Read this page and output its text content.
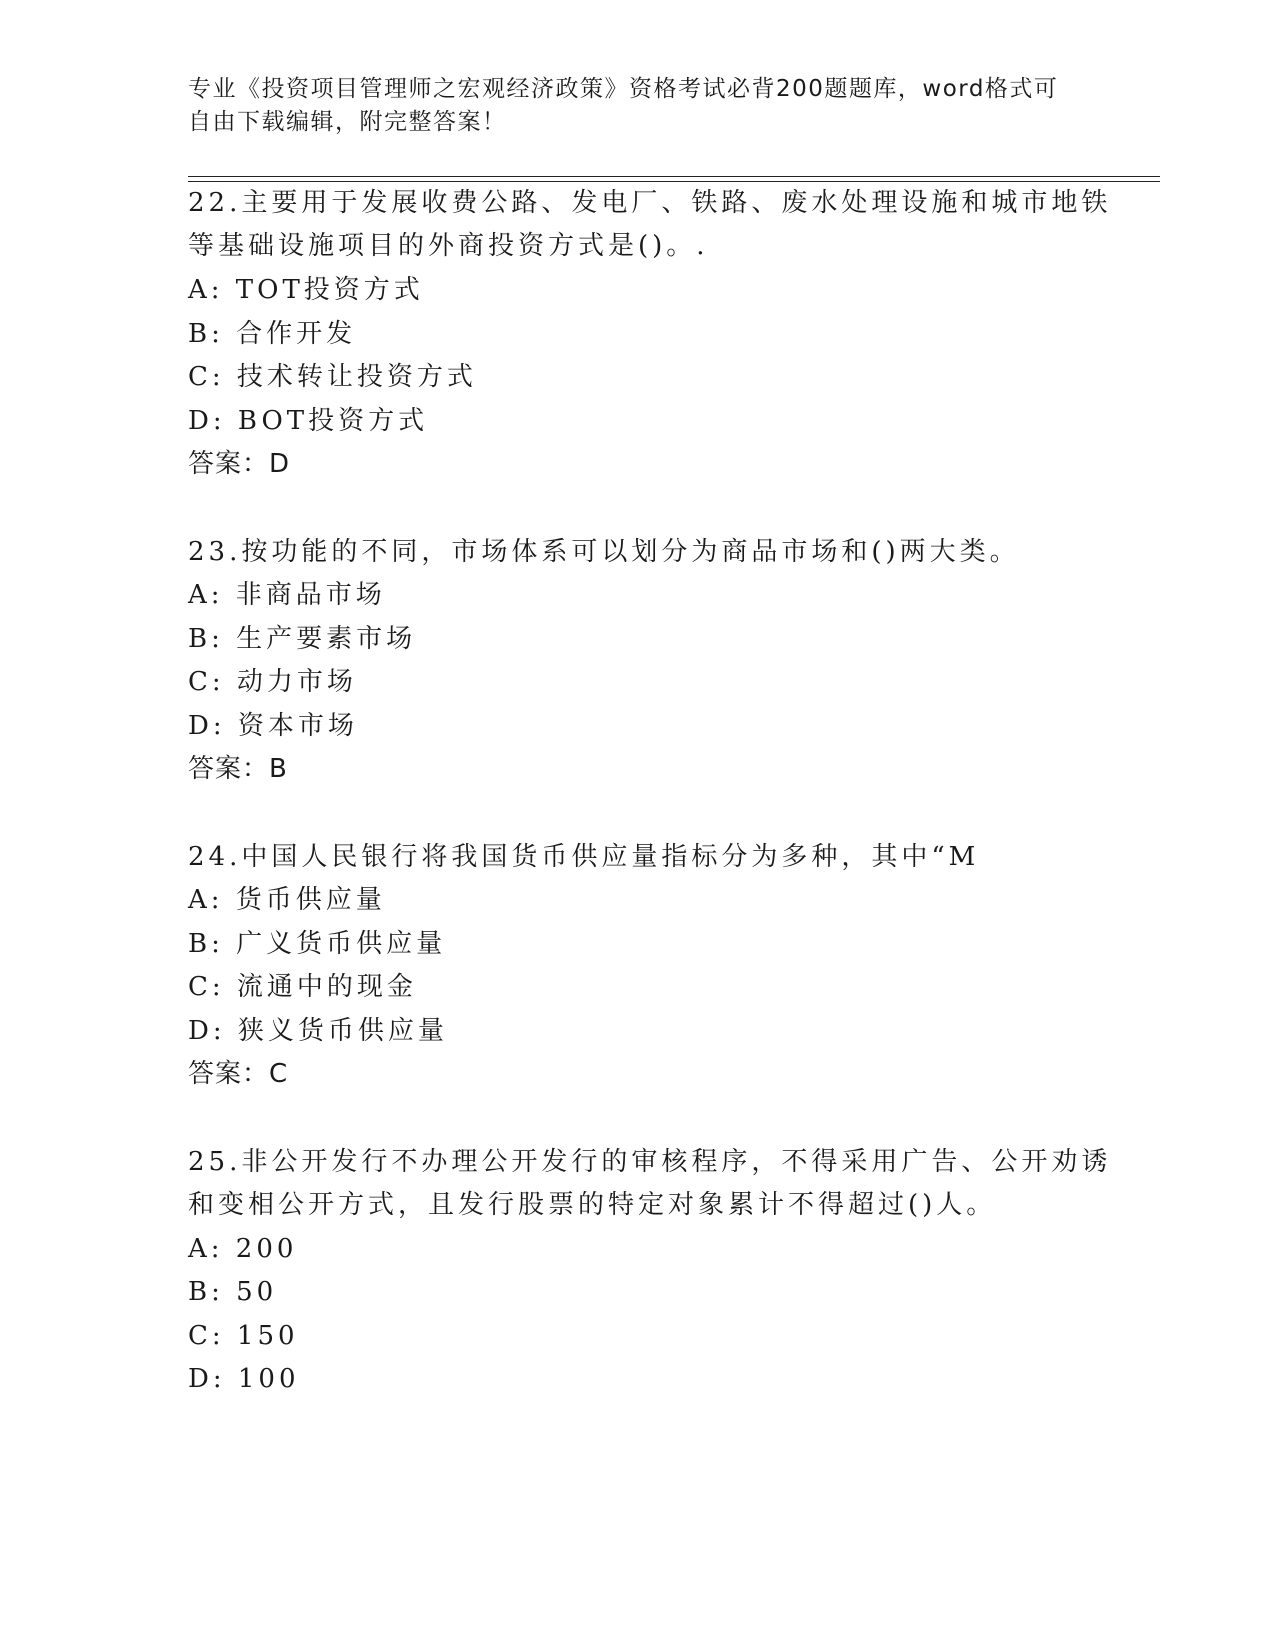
专业《投资项目管理师之宏观经济政策》资格考试必背200题题库，word格式可
自由下载编辑，附完整答案！
22.主要用于发展收费公路、发电厂、铁路、废水处理设施和城市地铁
等基础设施项目的外商投资方式是()。.
A: TOT投资方式
B: 合作开发
C: 技术转让投资方式
D: BOT投资方式
答案：D
23.按功能的不同，市场体系可以划分为商品市场和()两大类。
A: 非商品市场
B: 生产要素市场
C: 动力市场
D: 资本市场
答案：B
24.中国人民银行将我国货币供应量指标分为多种，其中“M
A: 货币供应量
B: 广义货币供应量
C: 流通中的现金
D: 狭义货币供应量
答案：C
25.非公开发行不办理公开发行的审核程序，不得采用广告、公开劝诱
和变相公开方式，且发行股票的特定对象累计不得超过()人。
A: 200
B: 50
C: 150
D: 100
